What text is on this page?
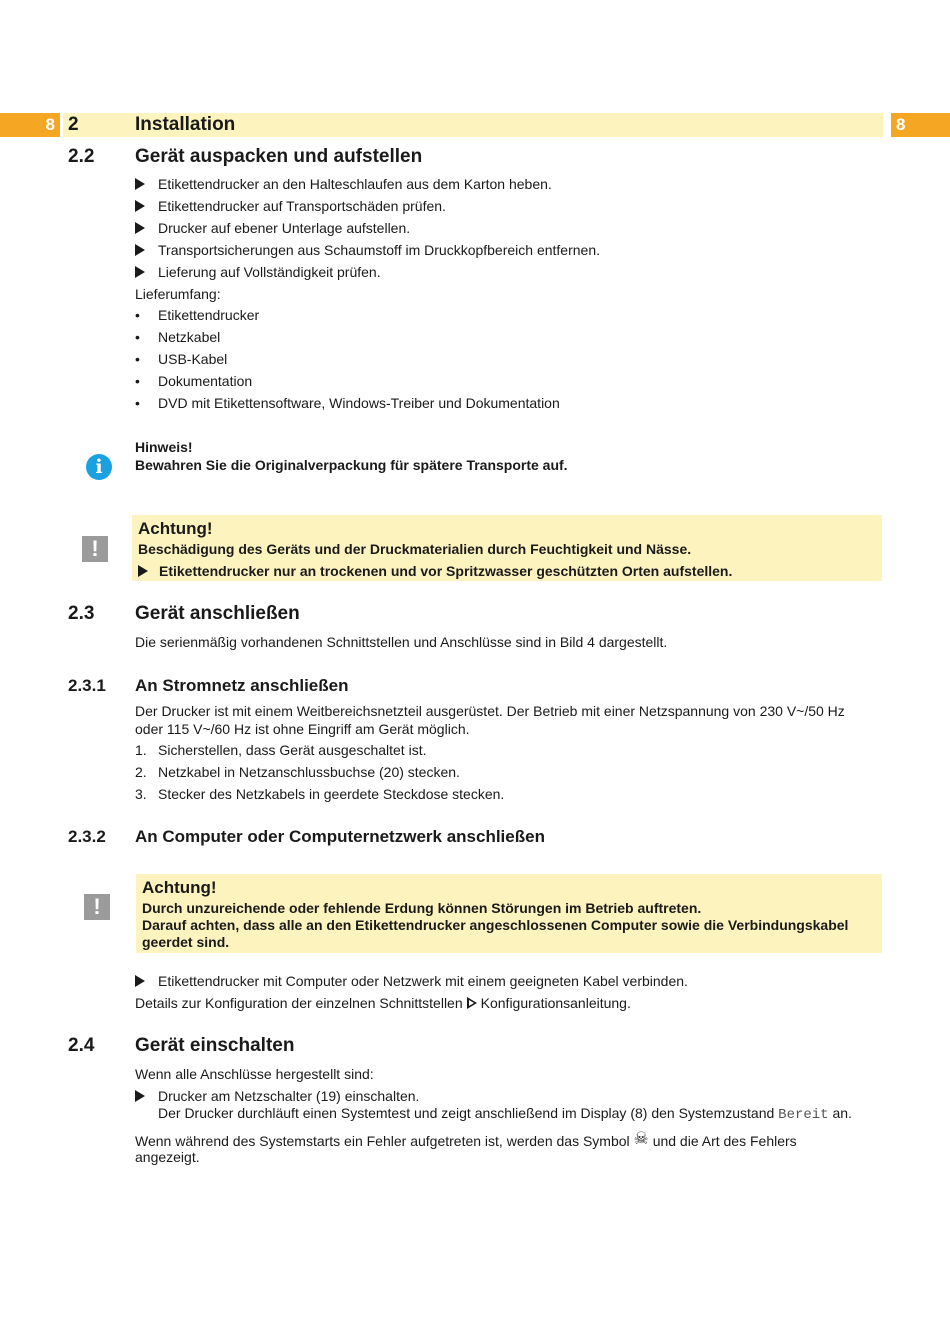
8 2	Installation	8
2.2 Gerät auspacken und aufstellen
Etikettendrucker an den Halteschlaufen aus dem Karton heben.
Etikettendrucker auf Transportschäden prüfen.
Drucker auf ebener Unterlage aufstellen.
Transportsicherungen aus Schaumstoff im Druckkopfbereich entfernen.
Lieferung auf Vollständigkeit prüfen.
Lieferumfang:
•	Etikettendrucker
•	Netzkabel
•	USB-Kabel
•	Dokumentation
•	DVD mit Etikettensoftware, Windows-Treiber und Dokumentation
i
Hinweis!
Bewahren Sie die Originalverpackung für spätere Transporte auf.
!
Achtung!
Beschädigung des Geräts und der Druckmaterialien durch Feuchtigkeit und Nässe.
Etikettendrucker nur an trockenen und vor Spritzwasser geschützten Orten aufstellen.
2.3 Gerät anschließen
Die serienmäßig vorhandenen Schnittstellen und Anschlüsse sind in Bild 4 dargestellt.
2.3.1 An Stromnetz anschließen
Der Drucker ist mit einem Weitbereichsnetzteil ausgerüstet. Der Betrieb mit einer Netzspannung von 230 V~/50 Hz
oder 115 V~/60 Hz ist ohne Eingriff am Gerät möglich.
1. Sicherstellen, dass Gerät ausgeschaltet ist.
2. Netzkabel in Netzanschlussbuchse (20) stecken.
3. Stecker des Netzkabels in geerdete Steckdose stecken.
2.3.2 An Computer oder Computernetzwerk anschließen
!
Achtung!
Durch unzureichende oder fehlende Erdung können Störungen im Betrieb auftreten.
Darauf achten, dass alle an den Etikettendrucker angeschlossenen Computer sowie die Verbindungskabel
geerdet sind.
Etikettendrucker mit Computer oder Netzwerk mit einem geeigneten Kabel verbinden.
Details zur Konfiguration der einzelnen Schnittstellen Konfigurationsanleitung.
2.4 Gerät einschalten
Wenn alle Anschlüsse hergestellt sind:
Drucker am Netzschalter (19) einschalten.
Der Drucker durchläuft einen Systemtest und zeigt anschließend im Display (8) den Systemzustand Bereit an.
Wenn während des Systemstarts ein Fehler aufgetreten ist, werden das Symbol ☠ und die Art des Fehlers
angezeigt.
